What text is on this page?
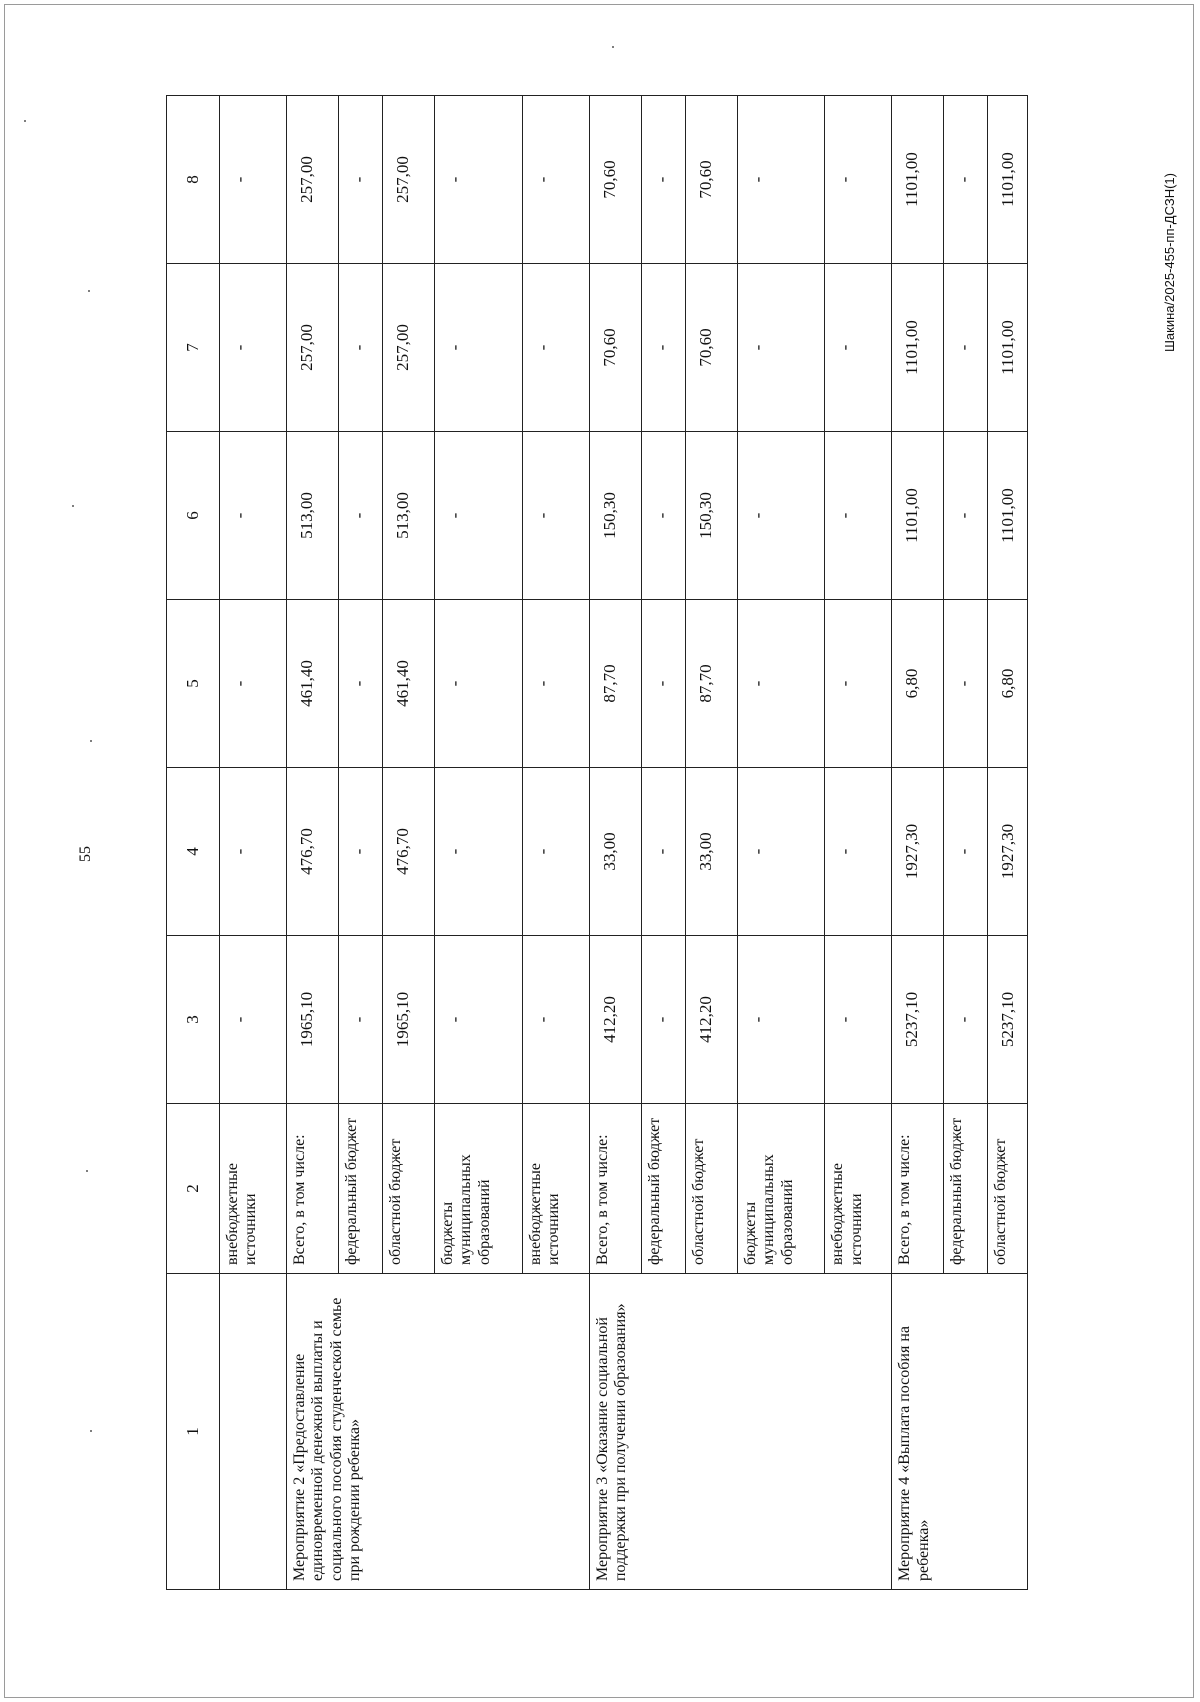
55
Шакина/2025-455-пп-ДСЗН(1)
1	2	3	4	5	6	7	8
	внебюджетные источники	-	-	-	-	-	-
Мероприятие 2 «Предоставление единовременной денежной выплаты и социального пособия студенческой семье при рождении ребенка»	Всего, в том числе:	1965,10	476,70	461,40	513,00	257,00	257,00
	федеральный бюджет	-	-	-	-	-	-
	областной бюджет	1965,10	476,70	461,40	513,00	257,00	257,00
	бюджеты муниципальных образований	-	-	-	-	-	-
	внебюджетные источники	-	-	-	-	-	-
Мероприятие 3 «Оказание социальной поддержки при получении образования»	Всего, в том числе:	412,20	33,00	87,70	150,30	70,60	70,60
	федеральный бюджет	-	-	-	-	-	-
	областной бюджет	412,20	33,00	87,70	150,30	70,60	70,60
	бюджеты муниципальных образований	-	-	-	-	-	-
	внебюджетные источники	-	-	-	-	-	-
Мероприятие 4 «Выплата пособия на ребенка»	Всего, в том числе:	5237,10	1927,30	6,80	1101,00	1101,00	1101,00
	федеральный бюджет	-	-	-	-	-	-
	областной бюджет	5237,10	1927,30	6,80	1101,00	1101,00	1101,00
